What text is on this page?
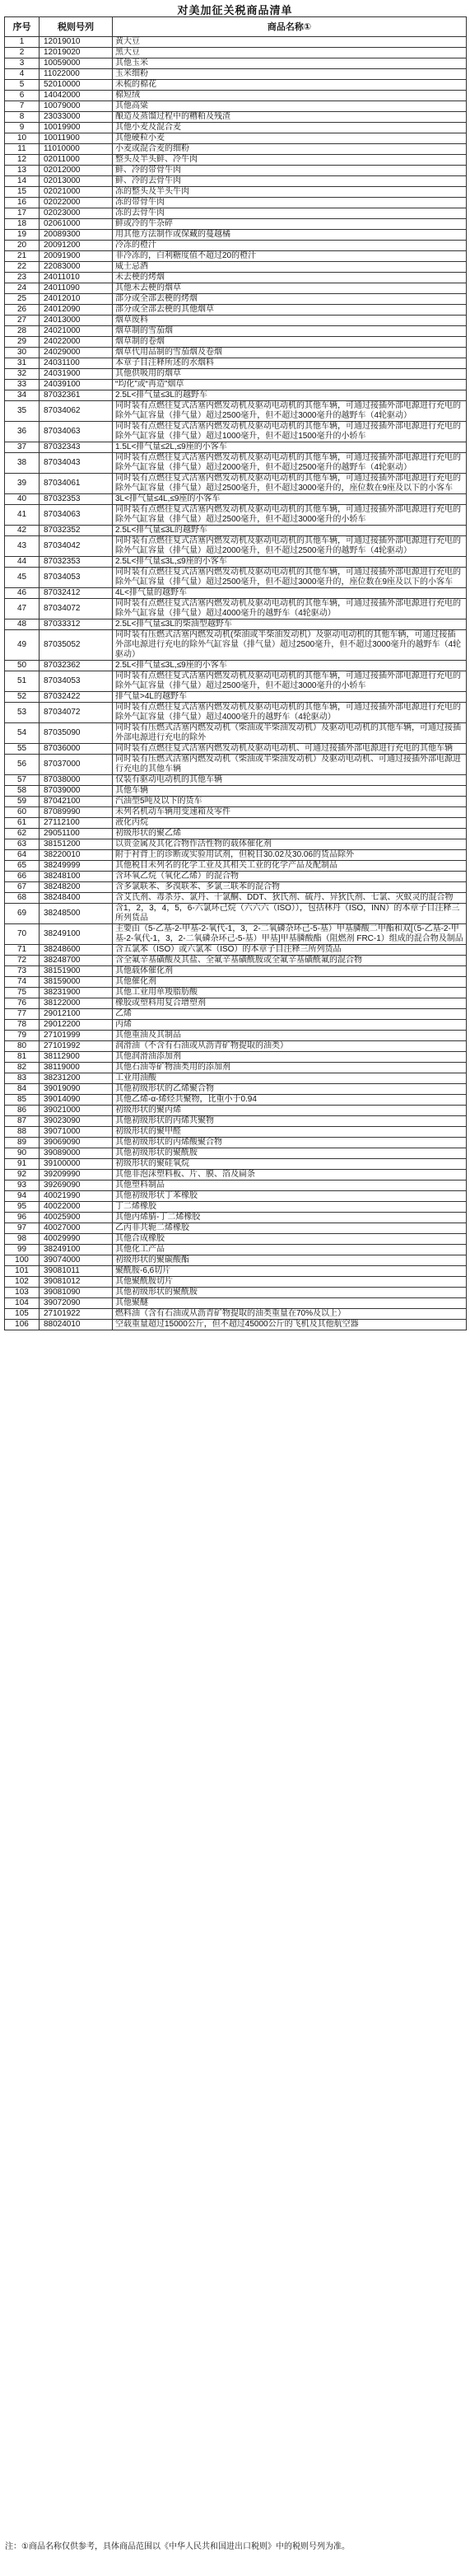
对美加征关税商品清单
序号	税则号列	商品名称①
1	12019010	黄大豆
2	12019020	黑大豆
3	10059000	其他玉米
4	11022000	玉米细粉
5	52010000	未梳的棉花
6	14042000	棉短绒
7	10079000	其他高粱
8	23033000	酿造及蒸馏过程中的糟粕及残渣
9	10019900	其他小麦及混合麦
10	10011900	其他硬粒小麦
11	11010000	小麦或混合麦的细粉
12	02011000	整头及半头鲜、冷牛肉
13	02012000	鲜、冷的带骨牛肉
14	02013000	鲜、冷的去骨牛肉
15	02021000	冻的整头及半头牛肉
16	02022000	冻的带骨牛肉
17	02023000	冻的去骨牛肉
18	02061000	鲜或冷的牛杂碎
19	20089300	用其他方法制作或保藏的蔓越橘
20	20091200	冷冻的橙汁
21	20091900	非冷冻的，白利糖度值不超过20的橙汁
22	22083000	威士忌酒
23	24011010	未去梗的烤烟
24	24011090	其他未去梗的烟草
25	24012010	部分或全部去梗的烤烟
26	24012090	部分或全部去梗的其他烟草
27	24013000	烟草废料
28	24021000	烟草制的雪茄烟
29	24022000	烟草制的卷烟
30	24029000	烟草代用品制的雪茄烟及卷烟
31	24031100	本章子目注释所述的水烟料
32	24031900	其他供吸用的烟草
33	24039100	“均化”或“再造”烟草
34	87032361	2.5L<排气量≤3L的越野车
35	87034062	同时装有点燃往复式活塞内燃发动机及驱动电动机的其他车辆，可通过接插外部电源进行充电的除外气缸容量（排气量）超过2500毫升，但不超过3000毫升的越野车（4轮驱动）
36	87034063	同时装有点燃往复式活塞内燃发动机及驱动电动机的其他车辆，可通过接插外部电源进行充电的除外气缸容量（排气量）超过1000毫升，但不超过1500毫升的小轿车
37	87032343	1.5L<排气量≤2L,≤9座的小客车
38	87034043	同时装有点燃往复式活塞内燃发动机及驱动电动机的其他车辆，可通过接插外部电源进行充电的除外气缸容量（排气量）超过2000毫升，但不超过2500毫升的越野车（4轮驱动）
39	87034061	同时装有点燃往复式活塞内燃发动机及驱动电动机的其他车辆，可通过接插外部电源进行充电的除外气缸容量（排气量）超过2500毫升，但不超过3000毫升的，座位数在9座及以下的小客车
40	87032353	3L<排气量≤4L,≤9座的小客车
41	87034063	同时装有点燃往复式活塞内燃发动机及驱动电动机的其他车辆，可通过接插外部电源进行充电的除外气缸容量（排气量）超过2500毫升，但不超过3000毫升的小轿车
42	87032352	2.5L<排气量≤3L的越野车
43	87034042	同时装有点燃往复式活塞内燃发动机及驱动电动机的其他车辆，可通过接插外部电源进行充电的除外气缸容量（排气量）超过2000毫升，但不超过2500毫升的越野车（4轮驱动）
44	87032353	2.5L<排气量≤3L,≤9座的小客车
45	87034053	同时装有点燃往复式活塞内燃发动机及驱动电动机的其他车辆，可通过接插外部电源进行充电的除外气缸容量（排气量）超过2500毫升，但不超过3000毫升的，座位数在9座及以下的小客车
46	87032412	4L<排气量的越野车
47	87034072	同时装有点燃往复式活塞内燃发动机及驱动电动机的其他车辆，可通过接插外部电源进行充电的除外气缸容量（排气量）超过4000毫升的越野车（4轮驱动）
48	87033312	2.5L<排气量≤3L的柴油型越野车
49	87035052	同时装有压燃式活塞内燃发动机(柴油或半柴油发动机）及驱动电动机的其他车辆，可通过接插外部电源进行充电的除外气缸容量（排气量）超过2500毫升，但不超过3000毫升的越野车（4轮驱动）
50	87032362	2.5L<排气量≤3L,≤9座的小客车
51	87034053	同时装有点燃往复式活塞内燃发动机及驱动电动机的其他车辆，可通过接插外部电源进行充电的除外气缸容量（排气量）超过2500毫升，但不超过3000毫升的小轿车
52	87032422	排气量>4L的越野车
53	87034072	同时装有点燃往复式活塞内燃发动机及驱动电动机的其他车辆，可通过接插外部电源进行充电的除外气缸容量（排气量）超过4000毫升的越野车（4轮驱动）
54	87035090	同时装有压燃式活塞内燃发动机（柴油或半柴油发动机）及驱动电动机的其他车辆，可通过接插外部电源进行充电的除外
55	87036000	同时装有点燃往复式活塞内燃发动机及驱动电动机、可通过接插外部电源进行充电的其他车辆
56	87037000	同时装有压燃式活塞内燃发动机（柴油或半柴油发动机）及驱动电动机、可通过接插外部电源进行充电的其他车辆
57	87038000	仅装有驱动电动机的其他车辆
58	87039000	其他车辆
59	87042100	汽油型5吨及以下的货车
60	87089990	未列名机动车辆用变速箱及零件
61	27112100	液化丙烷
62	29051100	初级形状的聚乙烯
63	38151200	以贵金属及其化合物作活性物的载体催化剂
64	38220010	附于衬背上的诊断或实验用试剂，但税目30.02及30.06的货品除外
65	38249999	其他税目未列名的化学工业及其相关工业的化学产品及配制品
66	38248100	含环氧乙烷（氧化乙烯）的混合物
67	38248200	含多氯联苯、多溴联苯、多氯三联苯的混合物
68	38248400	含艾氏剂、毒杀芬、氯丹、十氯酮、DDT、狄氏剂、硫丹、异狄氏剂、七氯、灭蚁灵的混合物
69	38248500	含1，2，3，4，5，6-六氯环己烷（六六六（ISO）），包括林丹（ISO，INN）的本章子目注释三所列货品
70	38249100	主要由（5-乙基-2-甲基-2-氧代-1，3，2-二氧磷杂环己-5-基）甲基膦酸二甲酯和双[（5-乙基-2-甲基-2-氧代-1，3，2-二氧磷杂环己-5-基）甲基]甲基膦酸酯（阻燃剂 FRC-1）组成的混合物及制品
71	38248600	含五氯苯（ISO）或六氯苯（ISO）的本章子目注释三所列货品
72	38248700	含全氟辛基磺酸及其盐、全氟辛基磺酰胺或全氟辛基磺酰氟的混合物
73	38151900	其他载体催化剂
74	38159000	其他催化剂
75	38231900	其他工业用单羧脂肪酸
76	38122000	橡胶或塑料用复合增塑剂
77	29012100	乙烯
78	29012200	丙烯
79	27101999	其他重油及其制品
80	27101992	润滑油（不含有石油或从沥青矿物提取的油类）
81	38112900	其他润滑油添加剂
82	38119000	其他石油等矿物油类用的添加剂
83	38231200	工业用油酸
84	39019090	其他初级形状的乙烯聚合物
85	39014090	其他乙烯-α-烯烃共聚物，比重小于0.94
86	39021000	初级形状的聚丙烯
87	39023090	其他初级形状的丙烯共聚物
88	39071000	初级形状的聚甲醛
89	39069090	其他初级形状的丙烯酸聚合物
90	39089000	其他初级形状的聚酰胺
91	39100000	初级形状的聚硅氧烷
92	39209990	其他非泡沫塑料板、片、膜、箔及扁条
93	39269090	其他塑料制品
94	40021990	其他初级形状丁苯橡胶
95	40022000	丁二烯橡胶
96	40025900	其他丙烯腈-丁二烯橡胶
97	40027000	乙丙非共轭二烯橡胶
98	40029990	其他合成橡胶
99	38249100	其他化工产品
100	39074000	初级形状的聚碳酸酯
101	39081011	聚酰胺-6,6切片
102	39081012	其他聚酰胺切片
103	39081090	其他初级形状的聚酰胺
104	39072090	其他聚醚
105	27101922	燃料油（含有石油或从沥青矿物提取的油类重量在70%及以上）
106	88024010	空载重量超过15000公斤，但不超过45000公斤的飞机及其他航空器
注：①商品名称仅供参考，具体商品范围以《中华人民共和国进出口税则》中的税则号列为准。
